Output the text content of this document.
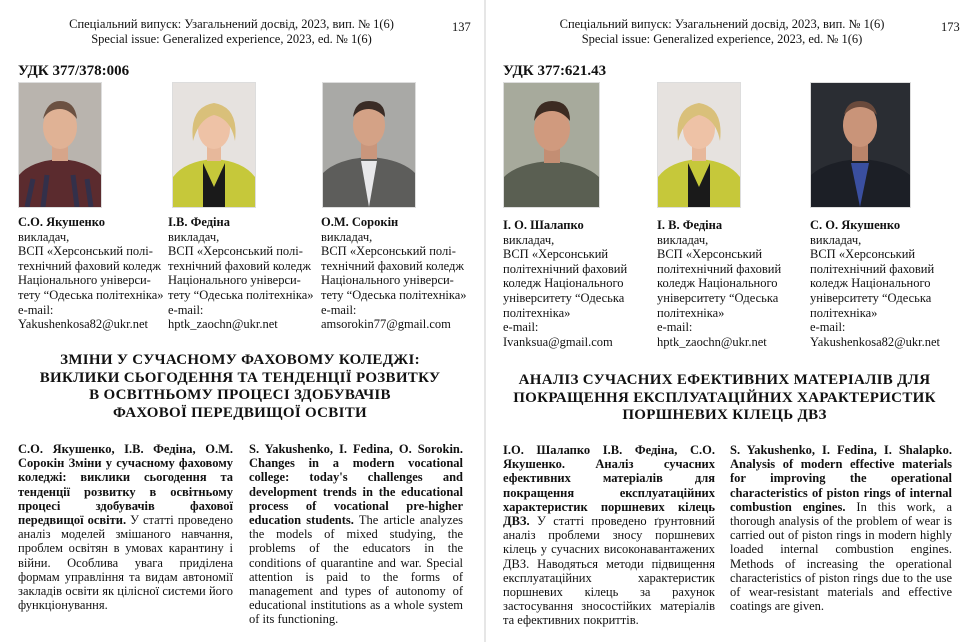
Спеціальний випуск: Узагальнений досвід, 2023, вип. № 1(6)
Special issue: Generalized experience, 2023, ed. № 1(6)
137
УДК 377/378:006
С.О. Якушенко
викладач,
ВСП «Херсонський полі-
технічний фаховий коледж
Національного універси-
тету “Одеська політехніка»
e-mail:
Yakushenkosa82@ukr.net
І.В. Федіна
викладач,
ВСП «Херсонський полі-
технічний фаховий коледж
Національного універси-
тету “Одеська політехніка»
e-mail:
hptk_zaochn@ukr.net
О.М. Сорокін
викладач,
ВСП «Херсонський полі-
технічний фаховий коледж
Національного універси-
тету “Одеська політехніка»
e-mail:
amsorokin77@gmail.com
ЗМІНИ У СУЧАСНОМУ ФАХОВОМУ КОЛЕДЖІ:
ВИКЛИКИ СЬОГОДЕННЯ ТА ТЕНДЕНЦІЇ РОЗВИТКУ
В ОСВІТНЬОМУ ПРОЦЕСІ ЗДОБУВАЧІВ
ФАХОВОЇ ПЕРЕДВИЩОЇ ОСВІТИ
С.О. Якушенко, І.В. Федіна, О.М. Сорокін Зміни у сучасному фаховому коледжі: виклики сьогодення та тенденції розвитку в освітньому процесі здобувачів фахової передвищої освіти. У статті проведено аналіз моделей змішаного навчання, проблем освітян в умовах карантину і війни. Особлива увага приділена формам управління та видам автономії закладів освіти як цілісної системи його функціонування.
S. Yakushenko, I. Fedina, O. Sorokin. Changes in a modern vocational college: today's challenges and development trends in the educational process of vocational pre-higher education students. The article analyzes the models of mixed studying, the problems of the educators in the conditions of quarantine and war. Special attention is paid to the forms of management and types of autonomy of educational institutions as a whole system of its functioning.
Спеціальний випуск: Узагальнений досвід, 2023, вип. № 1(6)
Special issue: Generalized experience, 2023, ed. № 1(6)
173
УДК 377:621.43
І. О. Шалапко
викладач,
ВСП «Херсонський
політехнічний фаховий
коледж Національного
університету “Одеська
політехніка»
e-mail:
Ivanksua@gmail.com
І. В. Федіна
викладач,
ВСП «Херсонський
політехнічний фаховий
коледж Національного
університету “Одеська
політехніка»
e-mail:
hptk_zaochn@ukr.net
С. О. Якушенко
викладач,
ВСП «Херсонський
політехнічний фаховий
коледж Національного
університету “Одеська
політехніка»
e-mail:
Yakushenkosa82@ukr.net
АНАЛІЗ СУЧАСНИХ ЕФЕКТИВНИХ МАТЕРІАЛІВ ДЛЯ
ПОКРАЩЕННЯ ЕКСПЛУАТАЦІЙНИХ ХАРАКТЕРИСТИК
ПОРШНЕВИХ КІЛЕЦЬ ДВЗ
І.О. Шалапко І.В. Федіна, С.О. Якушенко. Аналіз сучасних ефективних матеріалів для покращення експлуатаційних характеристик поршневих кілець ДВЗ. У статті проведено ґрунтовний аналіз проблеми зносу поршневих кілець у сучасних високонавантажених ДВЗ. Наводяться методи підвищення експлуатаційних характеристик поршневих кілець за рахунок застосування зносостійких матеріалів та ефективних покриттів.
S. Yakushenko, I. Fedina, I. Shalapko. Analysis of modern effective materials for improving the operational characteristics of piston rings of internal combustion engines. In this work, a thorough analysis of the problem of wear is carried out of piston rings in modern highly loaded internal combustion engines. Methods of increasing the operational characteristics of piston rings due to the use of wear-resistant materials and effective coatings are given.
